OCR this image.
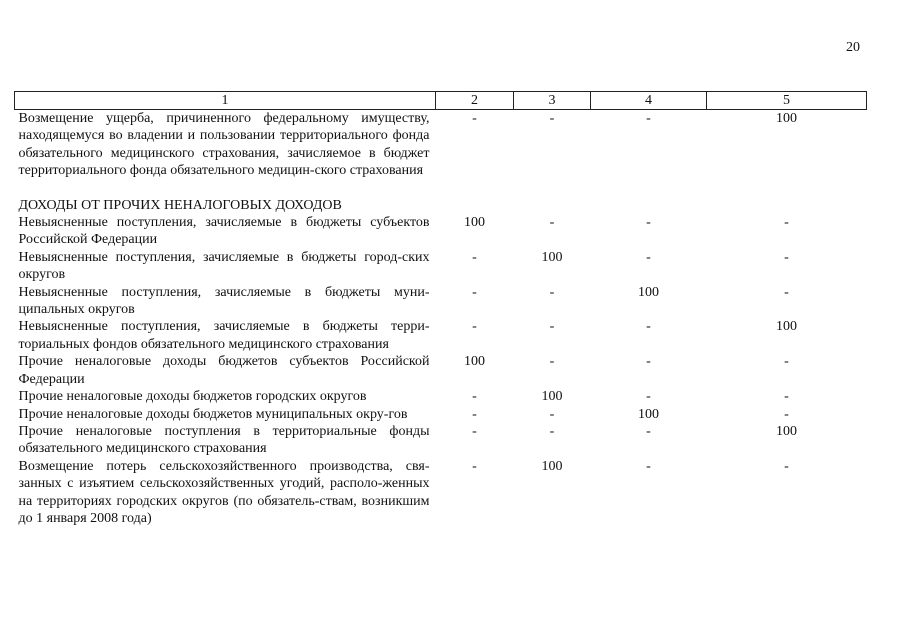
20
1	2	3	4	5
Возмещение ущерба, причиненного федеральному имуществу, находящемуся во владении и пользовании территориального фонда обязательного медицинского страхования, зачисляемое в бюджет территориального фонда обязательного медицин-ского страхования	-	-	-	100

ДОХОДЫ ОТ ПРОЧИХ НЕНАЛОГОВЫХ ДОХОДОВ				
Невыясненные поступления, зачисляемые в бюджеты субъектов Российской Федерации	100	-	-	-
Невыясненные поступления, зачисляемые в бюджеты город-ских округов	-	100	-	-
Невыясненные поступления, зачисляемые в бюджеты муни-ципальных округов	-	-	100	-
Невыясненные поступления, зачисляемые в бюджеты терри-ториальных фондов обязательного медицинского страхования	-	-	-	100
Прочие неналоговые доходы бюджетов субъектов Российской Федерации	100	-	-	-
Прочие неналоговые доходы бюджетов городских округов	-	100	-	-
Прочие неналоговые доходы бюджетов муниципальных окру-гов	-	-	100	-
Прочие неналоговые поступления в территориальные фонды обязательного медицинского страхования	-	-	-	100
Возмещение потерь сельскохозяйственного производства, свя-занных с изъятием сельскохозяйственных угодий, располо-женных на территориях городских округов (по обязатель-ствам, возникшим до 1 января 2008 года)	-	100	-	-
